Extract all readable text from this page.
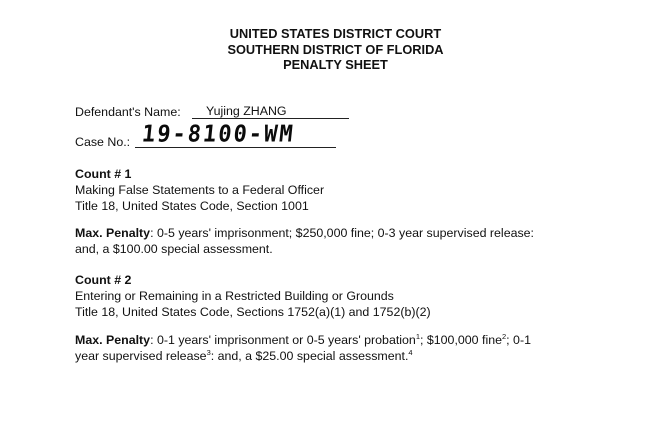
UNITED STATES DISTRICT COURT
SOUTHERN DISTRICT OF FLORIDA
PENALTY SHEET
Defendant's Name: Yujing ZHANG
Case No.: 19-8100-WM
Count # 1
Making False Statements to a Federal Officer
Title 18, United States Code, Section 1001
Max. Penalty: 0-5 years' imprisonment; $250,000 fine; 0-3 year supervised release:
and, a $100.00 special assessment.
Count # 2
Entering or Remaining in a Restricted Building or Grounds
Title 18, United States Code, Sections 1752(a)(1) and 1752(b)(2)
Max. Penalty: 0-1 years' imprisonment or 0-5 years' probation$^1$; $100,000 fine$^2$; 0-1
year supervised release$^3$: and, a $25.00 special assessment.$^4$
